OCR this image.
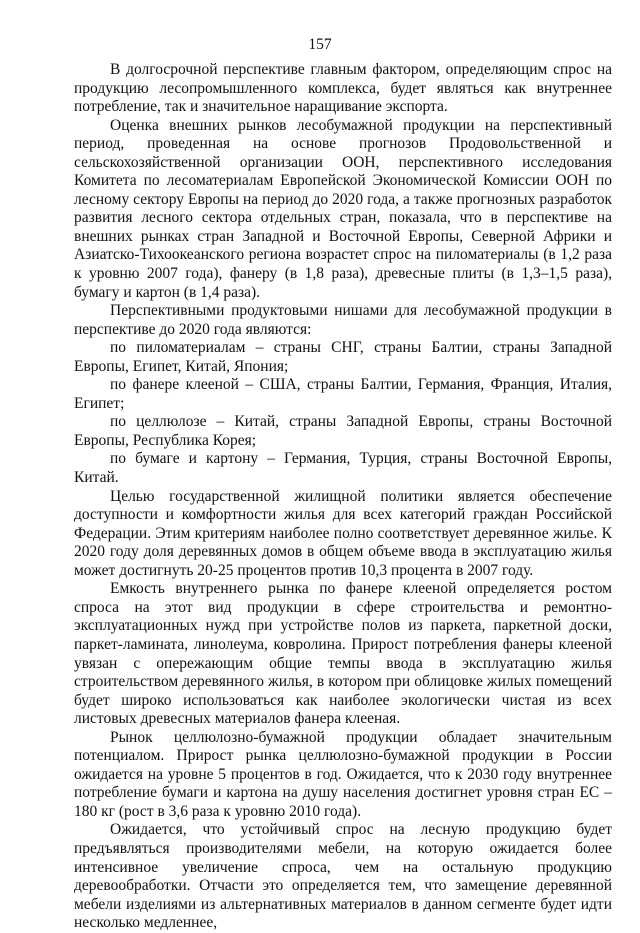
157

В долгосрочной перспективе главным фактором, определяющим спрос на продукцию лесопромышленного комплекса, будет являться как внутреннее потребление, так и значительное наращивание экспорта.

Оценка внешних рынков лесобумажной продукции на перспективный период, проведенная на основе прогнозов Продовольственной и сельскохозяйственной организации ООН, перспективного исследования Комитета по лесоматериалам Европейской Экономической Комиссии ООН по лесному сектору Европы на период до 2020 года, а также прогнозных разработок развития лесного сектора отдельных стран, показала, что в перспективе на внешних рынках стран Западной и Восточной Европы, Северной Африки и Азиатско-Тихоокеанского региона возрастет спрос на пиломатериалы (в 1,2 раза к уровню 2007 года), фанеру (в 1,8 раза), древесные плиты (в 1,3–1,5 раза), бумагу и картон (в 1,4 раза).

Перспективными продуктовыми нишами для лесобумажной продукции в перспективе до 2020 года являются:

по пиломатериалам – страны СНГ, страны Балтии, страны Западной Европы, Египет, Китай, Япония;

по фанере клееной – США, страны Балтии, Германия, Франция, Италия, Египет;

по целлюлозе – Китай, страны Западной Европы, страны Восточной Европы, Республика Корея;

по бумаге и картону – Германия, Турция, страны Восточной Европы, Китай.

Целью государственной жилищной политики является обеспечение доступности и комфортности жилья для всех категорий граждан Российской Федерации. Этим критериям наиболее полно соответствует деревянное жилье. К 2020 году доля деревянных домов в общем объеме ввода в эксплуатацию жилья может достигнуть 20-25 процентов против 10,3 процента в 2007 году.

Емкость внутреннего рынка по фанере клееной определяется ростом спроса на этот вид продукции в сфере строительства и ремонтно-эксплуатационных нужд при устройстве полов из паркета, паркетной доски, паркет-ламината, линолеума, ковролина. Прирост потребления фанеры клееной увязан с опережающим общие темпы ввода в эксплуатацию жилья строительством деревянного жилья, в котором при облицовке жилых помещений будет широко использоваться как наиболее экологически чистая из всех листовых древесных материалов фанера клееная.

Рынок целлюлозно-бумажной продукции обладает значительным потенциалом. Прирост рынка целлюлозно-бумажной продукции в России ожидается на уровне 5 процентов в год. Ожидается, что к 2030 году внутреннее потребление бумаги и картона на душу населения достигнет уровня стран ЕС – 180 кг (рост в 3,6 раза к уровню 2010 года).

Ожидается, что устойчивый спрос на лесную продукцию будет предъявляться производителями мебели, на которую ожидается более интенсивное увеличение спроса, чем на остальную продукцию деревообработки. Отчасти это определяется тем, что замещение деревянной мебели изделиями из альтернативных материалов в данном сегменте будет идти несколько медленнее,
